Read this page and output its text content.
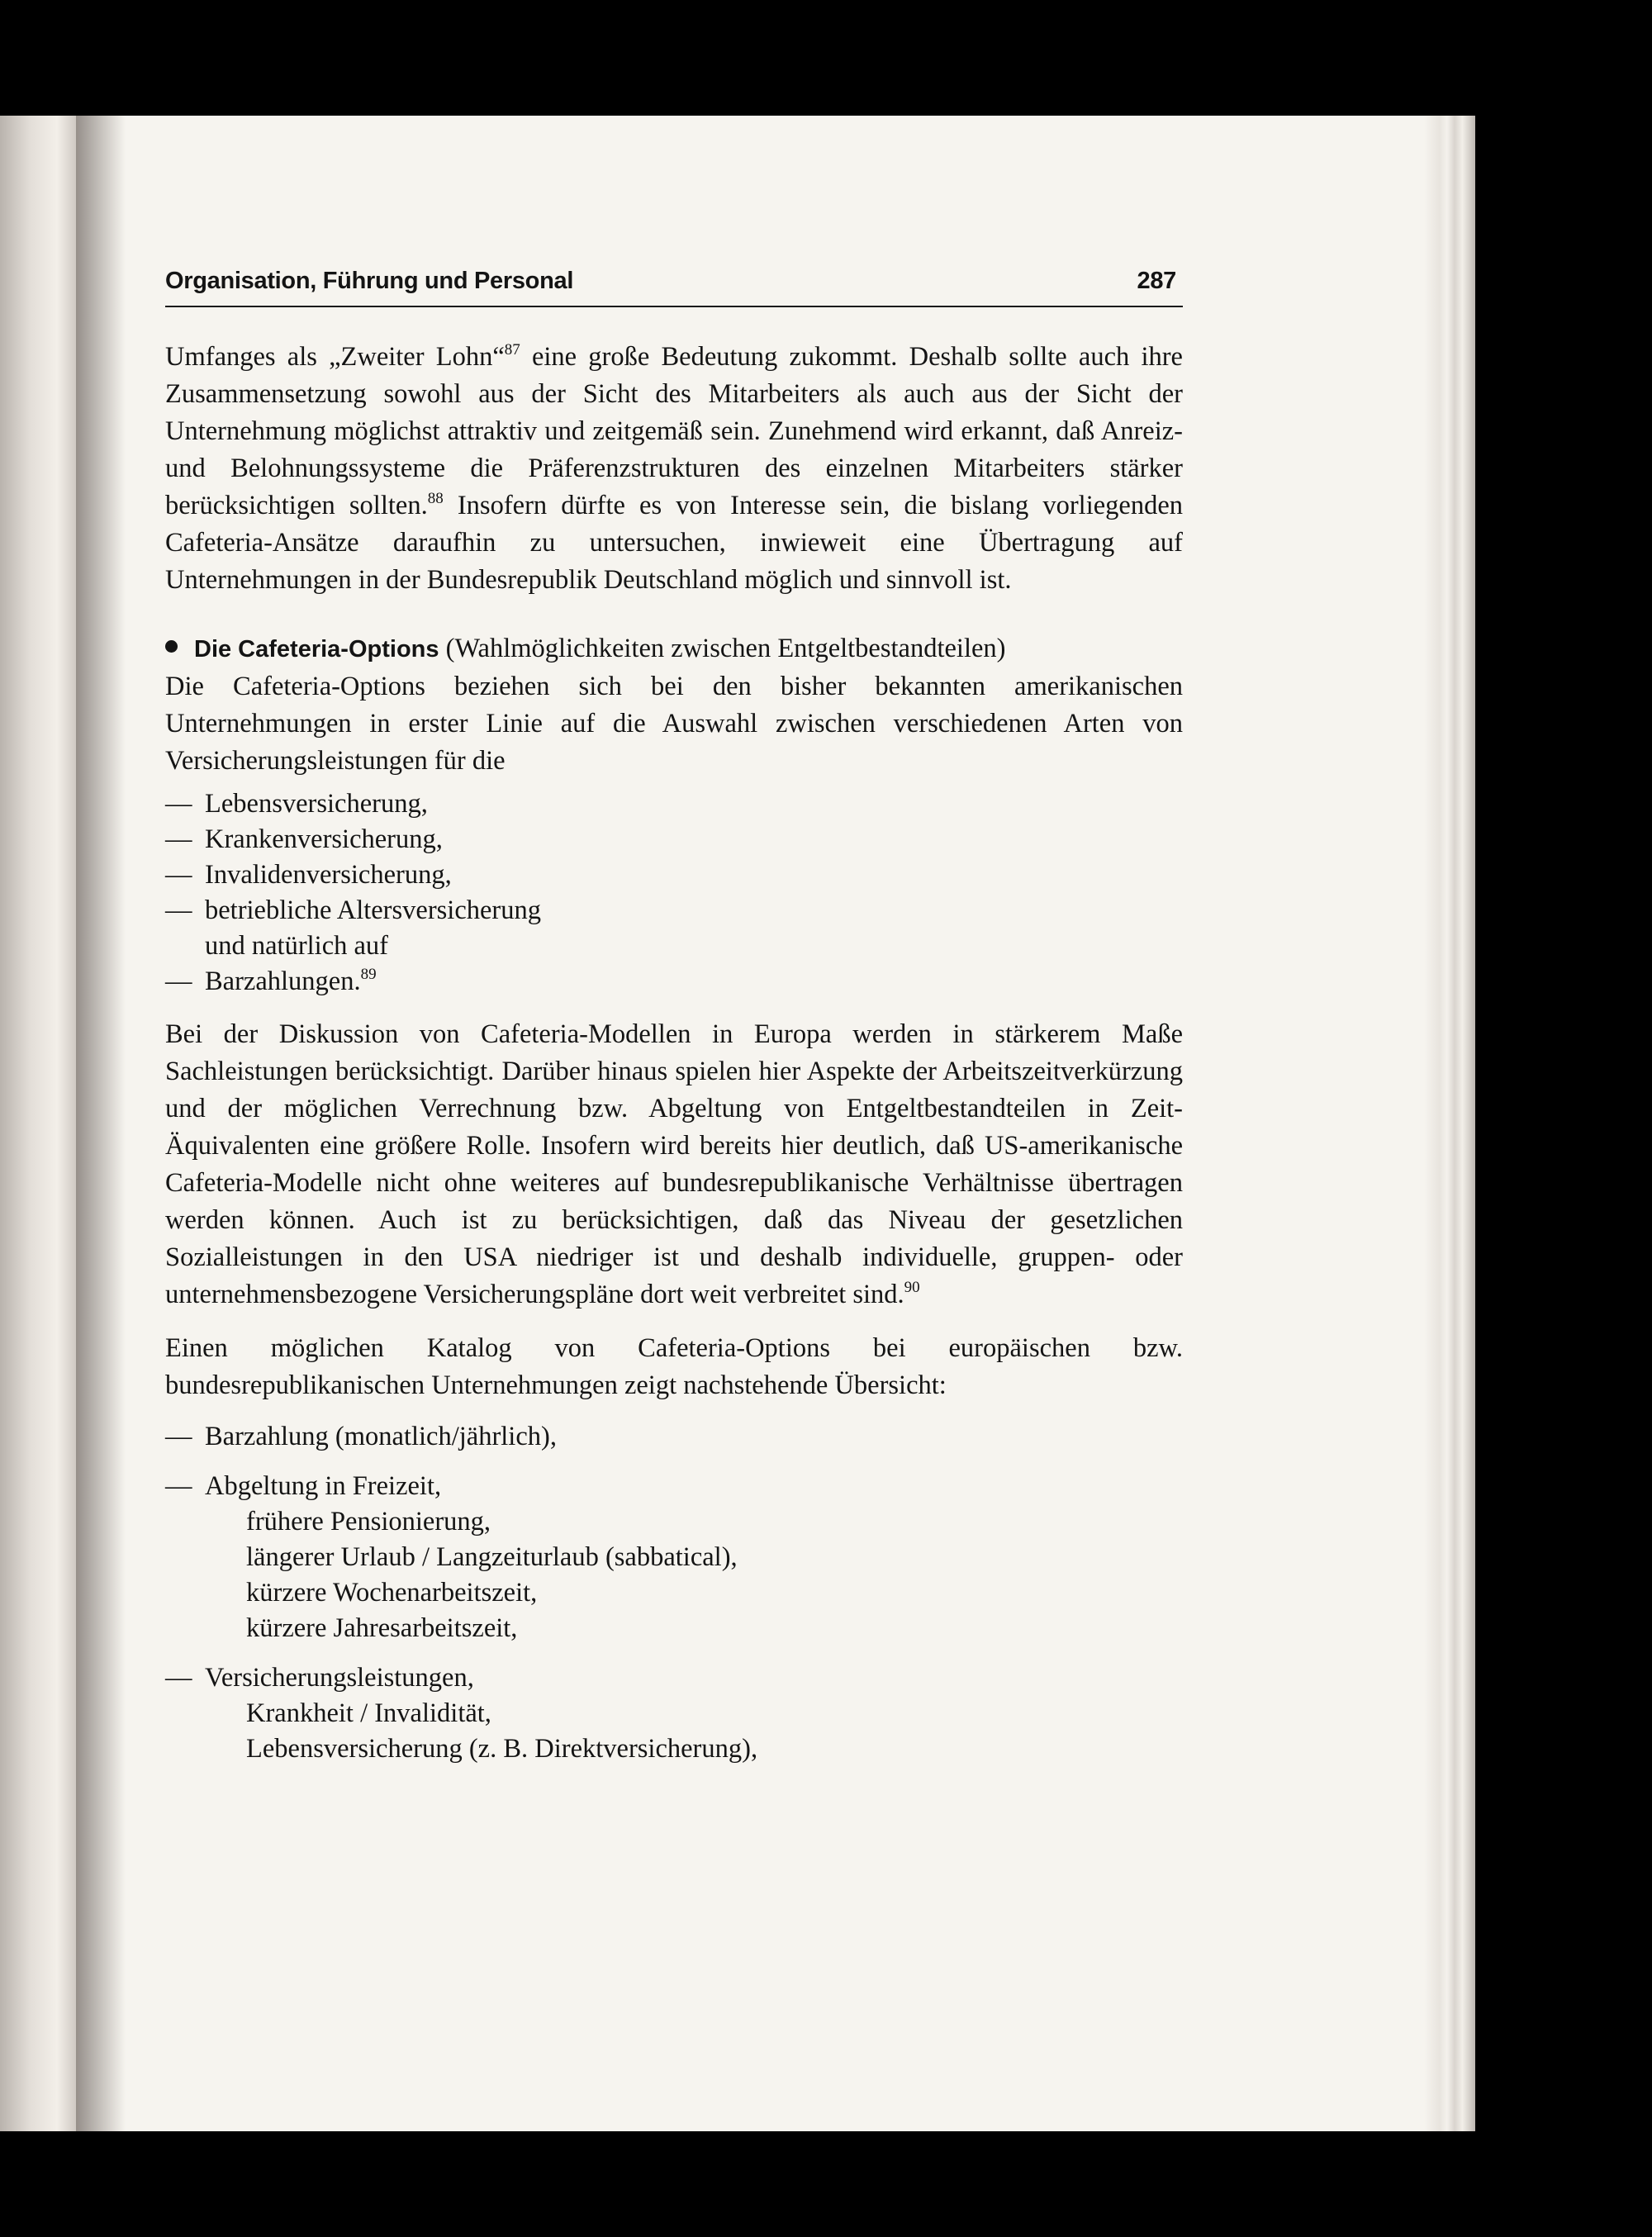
Organisation, Führung und Personal	287

Umfanges als „Zweiter Lohn“$^{87}$ eine große Bedeutung zukommt. Deshalb sollte auch ihre Zusammensetzung sowohl aus der Sicht des Mitarbeiters als auch aus der Sicht der Unternehmung möglichst attraktiv und zeitgemäß sein. Zunehmend wird erkannt, daß Anreiz- und Belohnungssysteme die Präferenzstrukturen des einzelnen Mitarbeiters stärker berücksichtigen sollten.$^{88}$ Insofern dürfte es von Interesse sein, die bislang vorliegenden Cafeteria-Ansätze daraufhin zu untersuchen, inwieweit eine Übertragung auf Unternehmungen in der Bundesrepublik Deutschland möglich und sinnvoll ist.

Die Cafeteria-Options (Wahlmöglichkeiten zwischen Entgeltbestandteilen)

Die Cafeteria-Options beziehen sich bei den bisher bekannten amerikanischen Unternehmungen in erster Linie auf die Auswahl zwischen verschiedenen Arten von Versicherungsleistungen für die

— Lebensversicherung,
— Krankenversicherung,
— Invalidenversicherung,
— betriebliche Altersversicherung
und natürlich auf
— Barzahlungen.$^{89}$

Bei der Diskussion von Cafeteria-Modellen in Europa werden in stärkerem Maße Sachleistungen berücksichtigt. Darüber hinaus spielen hier Aspekte der Arbeitszeitverkürzung und der möglichen Verrechnung bzw. Abgeltung von Entgeltbestandteilen in Zeit-Äquivalenten eine größere Rolle. Insofern wird bereits hier deutlich, daß US-amerikanische Cafeteria-Modelle nicht ohne weiteres auf bundesrepublikanische Verhältnisse übertragen werden können. Auch ist zu berücksichtigen, daß das Niveau der gesetzlichen Sozialleistungen in den USA niedriger ist und deshalb individuelle, gruppen- oder unternehmensbezogene Versicherungspläne dort weit verbreitet sind.$^{90}$

Einen möglichen Katalog von Cafeteria-Options bei europäischen bzw. bundesrepublikanischen Unternehmungen zeigt nachstehende Übersicht:

— Barzahlung (monatlich/jährlich),
— Abgeltung in Freizeit,
frühere Pensionierung,
längerer Urlaub / Langzeiturlaub (sabbatical),
kürzere Wochenarbeitszeit,
kürzere Jahresarbeitszeit,
— Versicherungsleistungen,
Krankheit / Invalidität,
Lebensversicherung (z. B. Direktversicherung),
